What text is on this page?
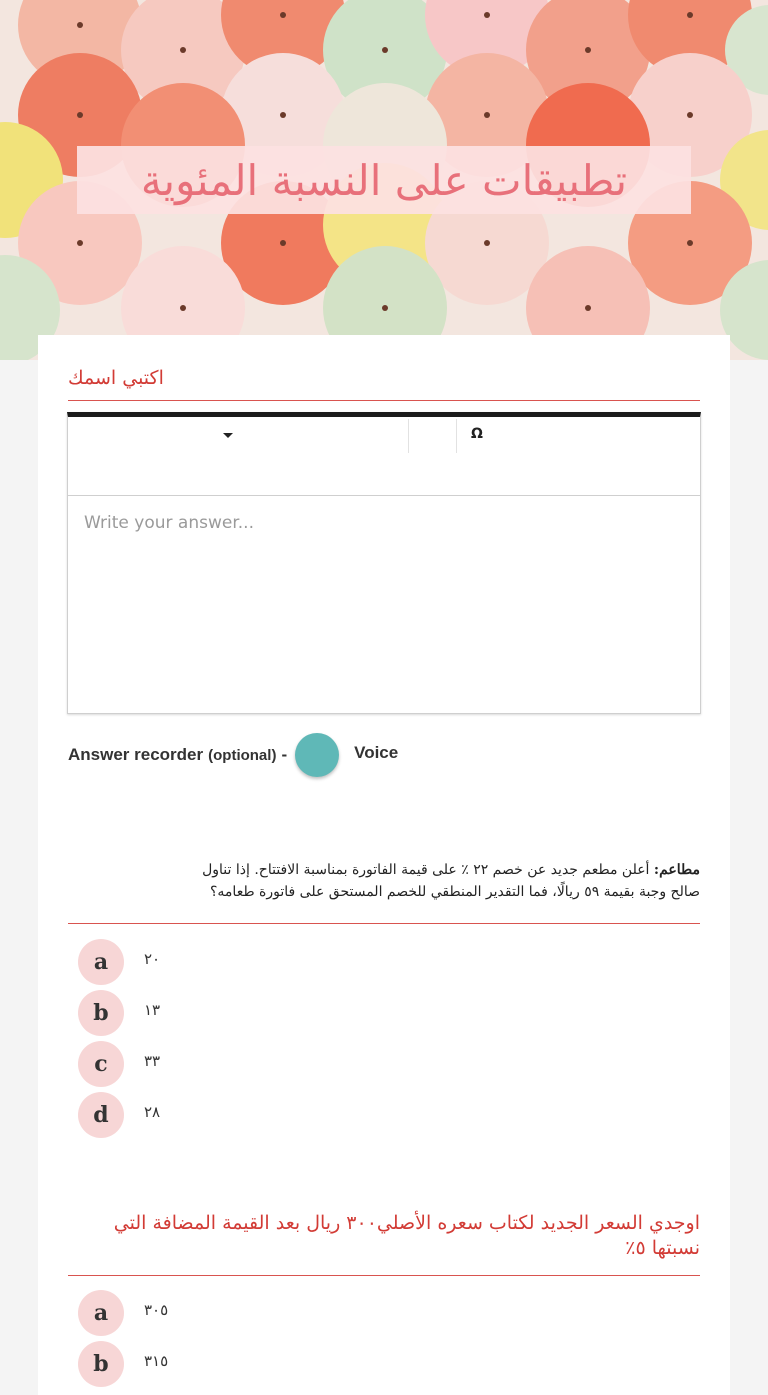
تطبيقات على النسبة المئوية
اكتبي اسمك
Ω
Write your answer...
Answer recorder (optional) -	Voice
مطاعم: أعلن مطعم جديد عن خصم ٢٢ ٪ على قيمة الفاتورة بمناسبة الافتتاح. إذا تناول
صالح وجبة بقيمة ٥٩ ريالًا، فما التقدير المنطقي للخصم المستحق على فاتورة طعامه؟
a	٢٠
b	١٣
c	٣٣
d	٢٨
اوجدي السعر الجديد لكتاب سعره الأصلي٣٠٠ ريال بعد القيمة المضافة التي
نسبتها ٥٪
a	٣٠٥
b	٣١٥
